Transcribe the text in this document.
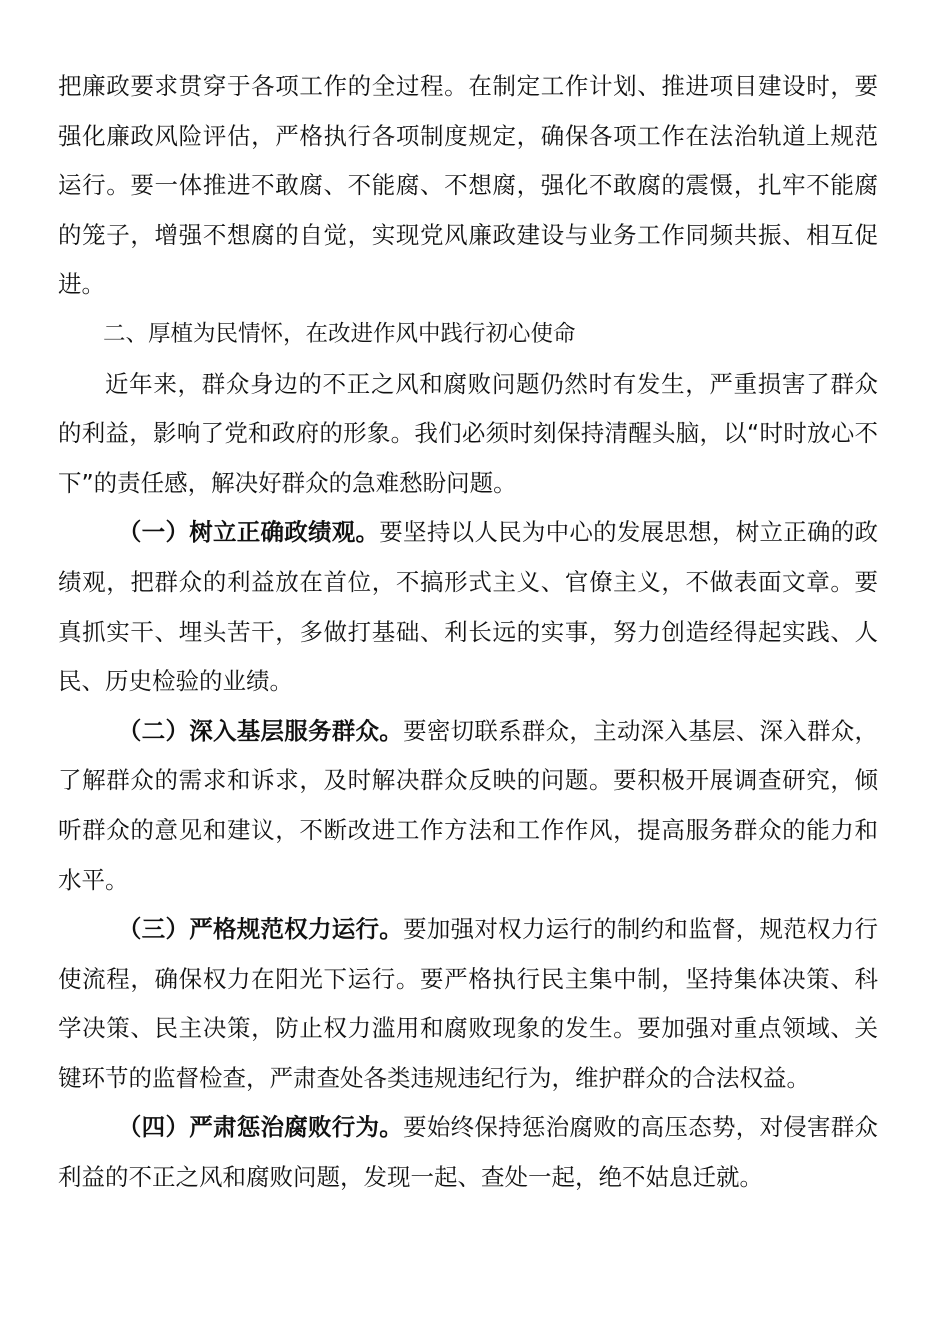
把廉政要求贯穿于各项工作的全过程。在制定工作计划、推进项目建设时，要强化廉政风险评估，严格执行各项制度规定，确保各项工作在法治轨道上规范运行。要一体推进不敢腐、不能腐、不想腐，强化不敢腐的震慑，扎牢不能腐的笼子，增强不想腐的自觉，实现党风廉政建设与业务工作同频共振、相互促进。

二、厚植为民情怀，在改进作风中践行初心使命

近年来，群众身边的不正之风和腐败问题仍然时有发生，严重损害了群众的利益，影响了党和政府的形象。我们必须时刻保持清醒头脑，以“时时放心不下”的责任感，解决好群众的急难愁盼问题。

（一）树立正确政绩观。要坚持以人民为中心的发展思想，树立正确的政绩观，把群众的利益放在首位，不搞形式主义、官僚主义，不做表面文章。要真抓实干、埋头苦干，多做打基础、利长远的实事，努力创造经得起实践、人民、历史检验的业绩。

（二）深入基层服务群众。要密切联系群众，主动深入基层、深入群众，了解群众的需求和诉求，及时解决群众反映的问题。要积极开展调查研究，倾听群众的意见和建议，不断改进工作方法和工作作风，提高服务群众的能力和水平。

（三）严格规范权力运行。要加强对权力运行的制约和监督，规范权力行使流程，确保权力在阳光下运行。要严格执行民主集中制，坚持集体决策、科学决策、民主决策，防止权力滥用和腐败现象的发生。要加强对重点领域、关键环节的监督检查，严肃查处各类违规违纪行为，维护群众的合法权益。

（四）严肃惩治腐败行为。要始终保持惩治腐败的高压态势，对侵害群众利益的不正之风和腐败问题，发现一起、查处一起，绝不姑息迁就。
